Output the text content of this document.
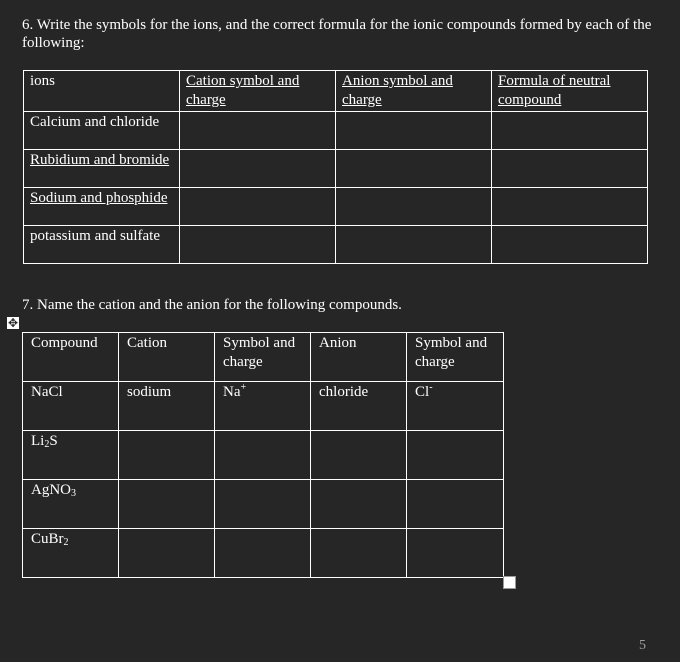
6. Write the symbols for the ions, and the correct formula for the ionic compounds formed by each of the following:
ions	Cation symbol and charge	Anion symbol and charge	Formula of neutral compound
Calcium and chloride			
Rubidium and bromide			
Sodium and phosphide			
potassium and sulfate			
7. Name the cation and the anion for the following compounds.
✥
Compound	Cation	Symbol and charge	Anion	Symbol and charge
NaCl	sodium	Na+	chloride	Cl-
$Li_2S$				
AgNO$_3$				
CuBr$_2$				
5
